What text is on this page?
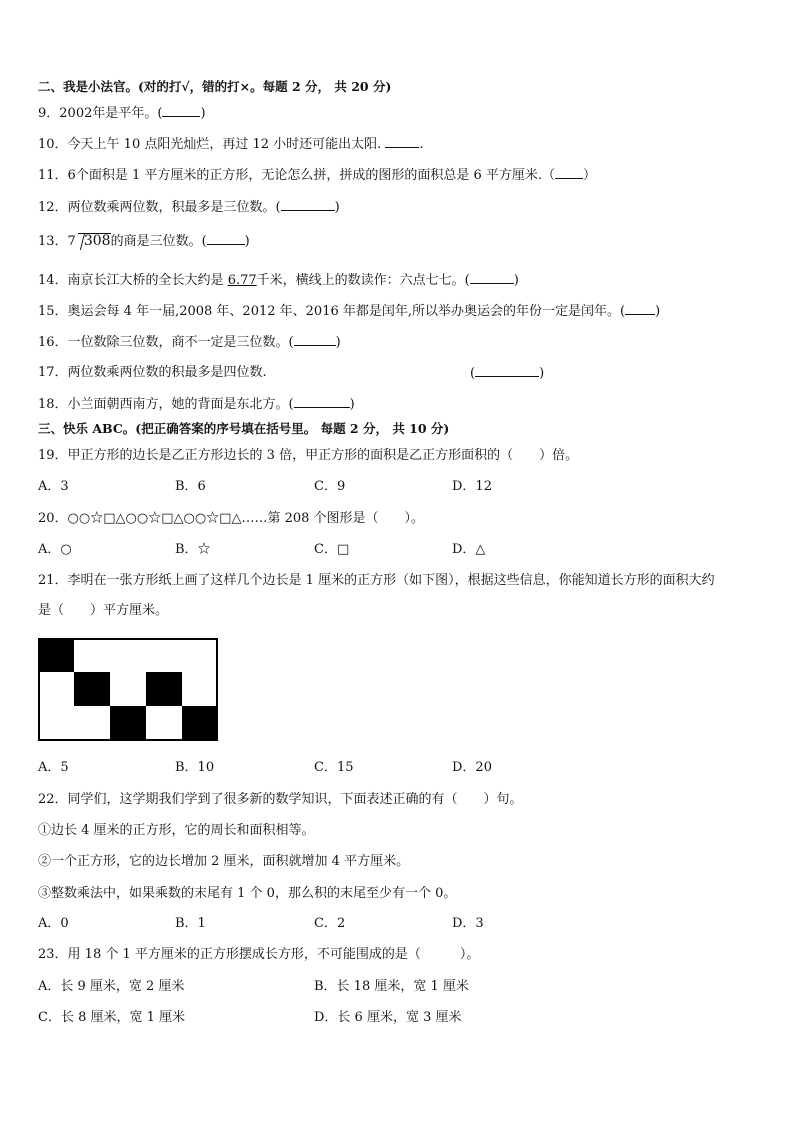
二、我是小法官。(对的打√，错的打×。每题 2 分， 共 20 分)
9．2002年是平年。(	)
10．今天上午 10 点阳光灿烂，再过 12 小时还可能出太阳.	.
11．6个面积是 1 平方厘米的正方形，无论怎么拼，拼成的图形的面积总是 6 平方厘米.（ ）
12．两位数乘两位数，积最多是三位数。(	)
13．7 308的商是三位数。(	)
14．南京长江大桥的全长大约是 6.77千米，横线上的数读作：六点七七。(	)
15．奥运会每 4 年一届,2008 年、2012 年、2016 年都是闰年,所以举办奥运会的年份一定是闰年。( )
16．一位数除三位数，商不一定是三位数。(	)
17．两位数乘两位数的积最多是四位数.	(	)
18．小兰面朝西南方，她的背面是东北方。(	)
三、快乐 ABC。(把正确答案的序号填在括号里。 每题 2 分， 共 10 分)
19．甲正方形的边长是乙正方形边长的 3 倍，甲正方形的面积是乙正方形面积的（　　）倍。
A．3	B．6	C．9	D．12
20．○○☆□△○○☆□△○○☆□△……第 208 个图形是（　　）。
A．○	B．☆	C．□	D．△
21．李明在一张方形纸上画了这样几个边长是 1 厘米的正方形（如下图），根据这些信息，你能知道长方形的面积大约
是（　　）平方厘米。
A．5	B．10	C．15	D．20
22．同学们，这学期我们学到了很多新的数学知识，下面表述正确的有（　　）句。
①边长 4 厘米的正方形，它的周长和面积相等。
②一个正方形，它的边长增加 2 厘米，面积就增加 4 平方厘米。
③整数乘法中，如果乘数的末尾有 1 个 0，那么积的末尾至少有一个 0。
A．0	B．1	C．2	D．3
23．用 18 个 1 平方厘米的正方形摆成长方形，不可能围成的是（　　　）。
A．长 9 厘米，宽 2 厘米	B．长 18 厘米，宽 1 厘米
C．长 8 厘米，宽 1 厘米	D．长 6 厘米，宽 3 厘米
